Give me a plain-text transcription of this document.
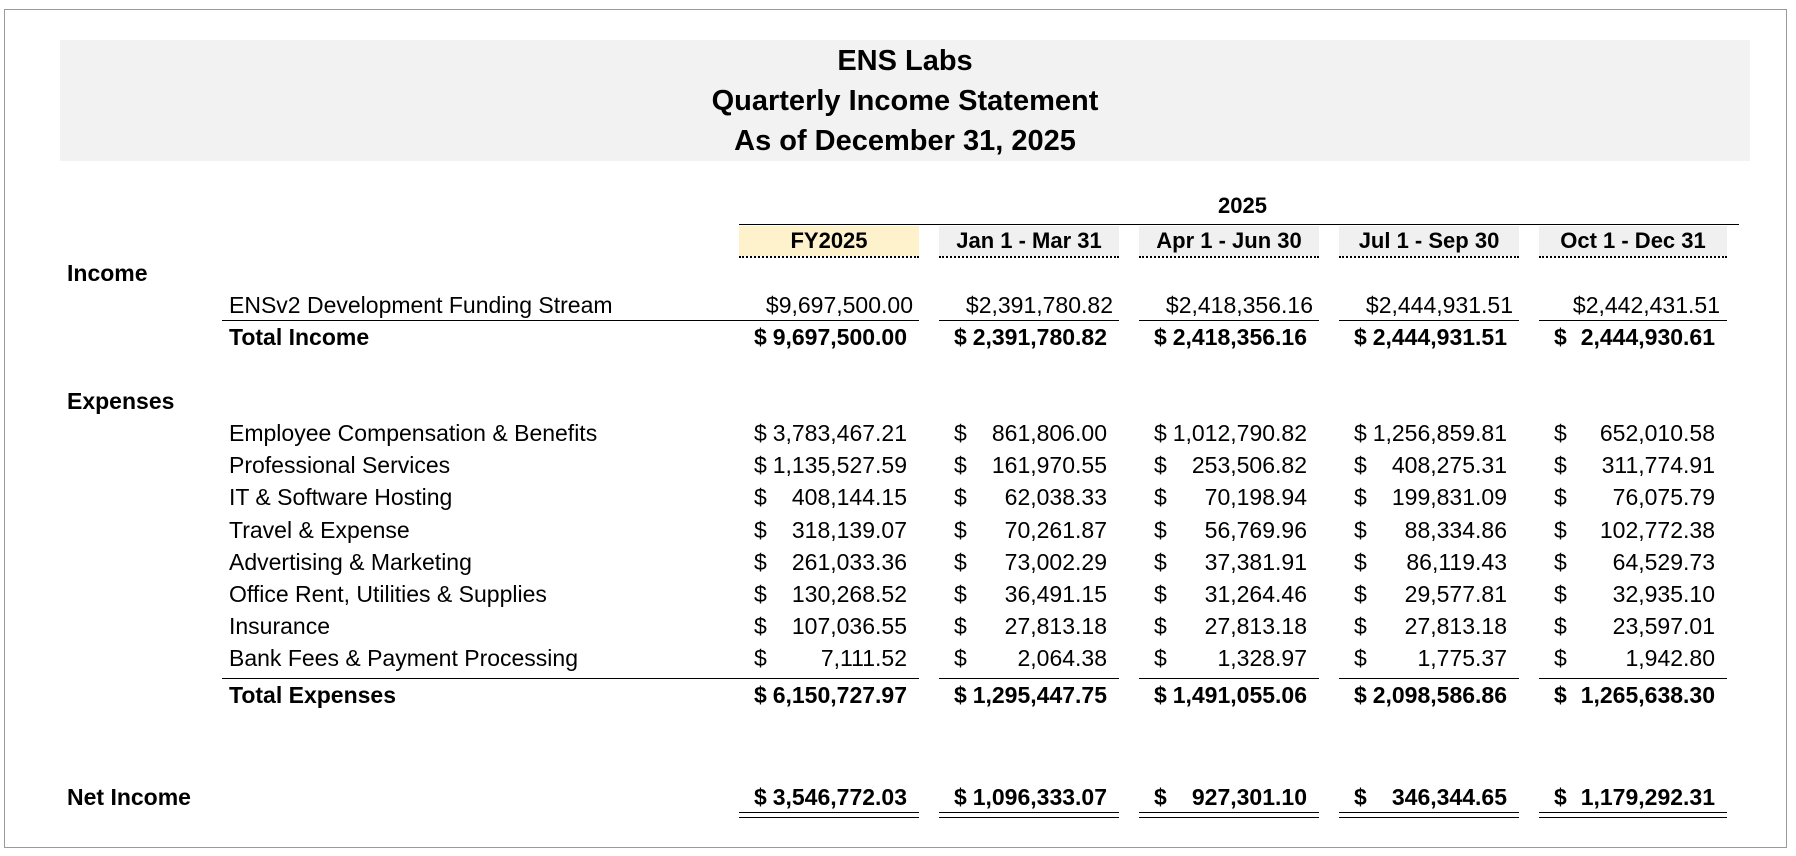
ENS Labs
Quarterly Income Statement
As of December 31, 2025
2025
FY2025	Jan 1 - Mar 31	Apr 1 - Jun 30	Jul 1 - Sep 30	Oct 1 - Dec 31
Income
ENSv2 Development Funding Stream	$9,697,500.00 $2,391,780.82 $2,418,356.16 $2,444,931.51	$2,442,431.51
Total Income	$ 9,697,500.00 $ 2,391,780.82 $ 2,418,356.16 $ 2,444,931.51 $ 2,444,930.61
Expenses
Employee Compensation & Benefits	$ 3,783,467.21 $ 861,806.00 $ 1,012,790.82 $ 1,256,859.81 $ 652,010.58
Professional Services	$ 1,135,527.59 $ 161,970.55 $ 253,506.82 $ 408,275.31 $ 311,774.91
IT & Software Hosting	$ 408,144.15 $ 62,038.33 $ 70,198.94 $ 199,831.09 $ 76,075.79
Travel & Expense	$ 318,139.07 $ 70,261.87 $ 56,769.96 $ 88,334.86 $ 102,772.38
Advertising & Marketing	$ 261,033.36 $ 73,002.29 $ 37,381.91 $ 86,119.43 $ 64,529.73
Office Rent, Utilities & Supplies	$ 130,268.52 $ 36,491.15 $ 31,264.46 $ 29,577.81 $ 32,935.10
Insurance	$ 107,036.55 $ 27,813.18 $ 27,813.18 $ 27,813.18 $ 23,597.01
Bank Fees & Payment Processing	$ 7,111.52 $ 2,064.38 $ 1,328.97 $ 1,775.37 $	1,942.80
Total Expenses	$ 6,150,727.97 $ 1,295,447.75 $ 1,491,055.06 $ 2,098,586.86 $ 1,265,638.30
Net Income	$ 3,546,772.03 $ 1,096,333.07 $ 927,301.10 $ 346,344.65 $ 1,179,292.31
